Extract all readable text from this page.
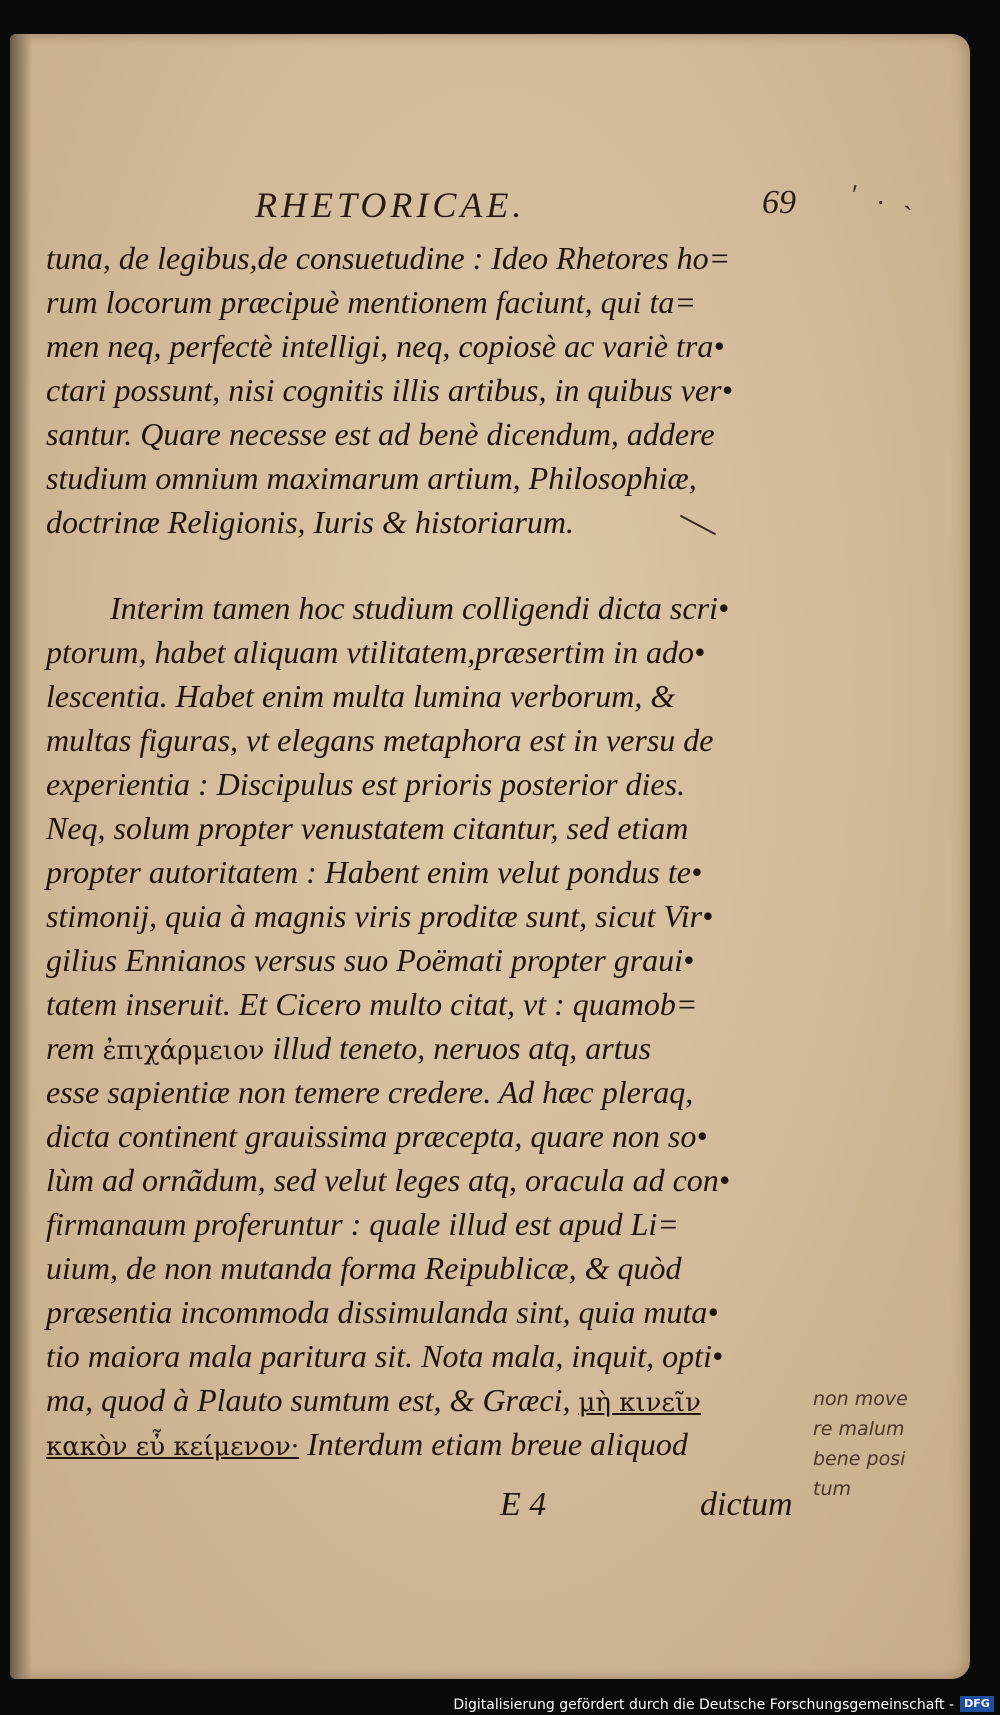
RHETORICAE.	69 ʹ . ˎ
tuna, de legibus,de consuetudine : Ideo Rhetores ho=
rum locorum præcipuè mentionem faciunt, qui ta=
men neq, perfectè intelligi, neq, copiosè ac variè tra•
ctari possunt, nisi cognitis illis artibus, in quibus ver•
santur. Quare necesse est ad benè dicendum, addere
studium omnium maximarum artium, Philosophiæ,
doctrinæ Religionis, Iuris & historiarum.
Interim tamen hoc studium colligendi dicta scri•
ptorum, habet aliquam vtilitatem,præsertim in ado•
lescentia. Habet enim multa lumina verborum, &
multas figuras, vt elegans metaphora est in versu de
experientia : Discipulus est prioris posterior dies.
Neq, solum propter venustatem citantur, sed etiam
propter autoritatem : Habent enim velut pondus te•
stimonij, quia à magnis viris proditæ sunt, sicut Vir•
gilius Ennianos versus suo Poëmati propter graui•
tatem inseruit. Et Cicero multo citat, vt : quamob=
rem ἐπιχάρμειον illud teneto, neruos atq, artus
esse sapientiæ non temere credere. Ad hæc pleraq,
dicta continent grauissima præcepta, quare non so•
lùm ad ornãdum, sed velut leges atq, oracula ad con•
firmanaum proferuntur : quale illud est apud Li=
uium, de non mutanda forma Reipublicæ, & quòd
præsentia incommoda dissimulanda sint, quia muta•
tio maiora mala paritura sit. Nota mala, inquit, opti•
ma, quod à Plauto sumtum est, & Græci, μὴ κινεῖν
κακὸν εὖ κείμενον· Interdum etiam breue aliquod
non move
re malum
bene posi
tum
E 4	dictum
Digitalisierung gefördert durch die Deutsche Forschungsgemeinschaft - DFG
